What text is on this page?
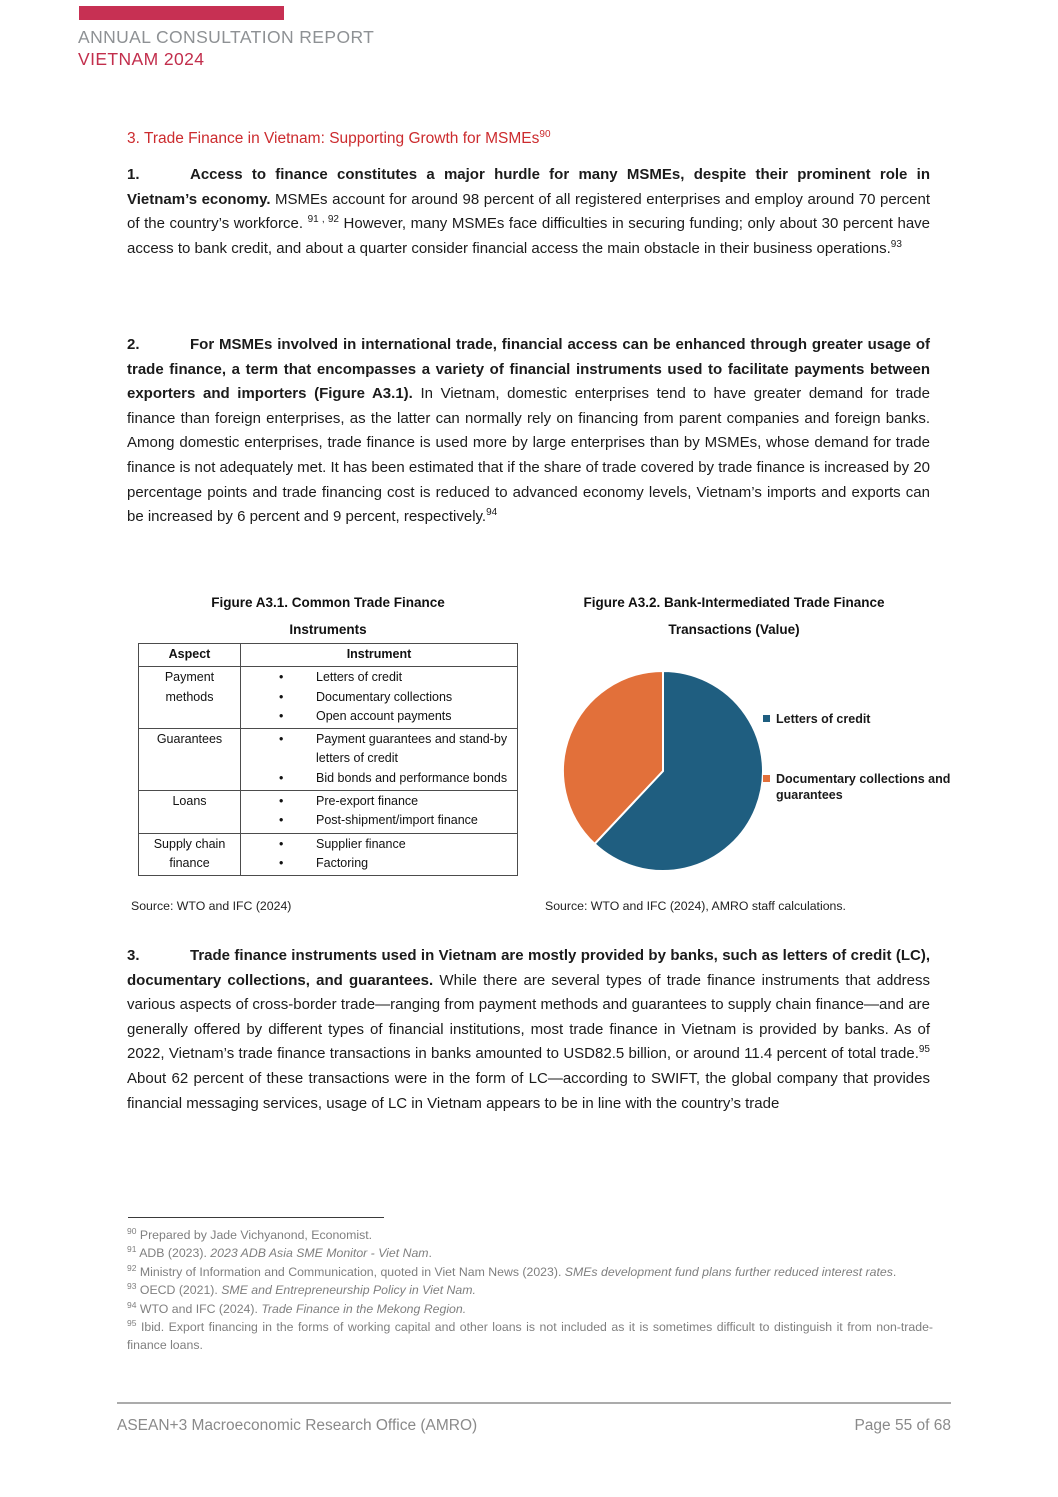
ANNUAL CONSULTATION REPORT
VIETNAM 2024
3. Trade Finance in Vietnam: Supporting Growth for MSMEs$^{90}$
1.	Access to finance constitutes a major hurdle for many MSMEs, despite their prominent role in Vietnam’s economy. MSMEs account for around 98 percent of all registered enterprises and employ around 70 percent of the country’s workforce. $^{91 , 92}$ However, many MSMEs face difficulties in securing funding; only about 30 percent have access to bank credit, and about a quarter consider financial access the main obstacle in their business operations.$^{93}$
2.	For MSMEs involved in international trade, financial access can be enhanced through greater usage of trade finance, a term that encompasses a variety of financial instruments used to facilitate payments between exporters and importers (Figure A3.1). In Vietnam, domestic enterprises tend to have greater demand for trade finance than foreign enterprises, as the latter can normally rely on financing from parent companies and foreign banks. Among domestic enterprises, trade finance is used more by large enterprises than by MSMEs, whose demand for trade finance is not adequately met. It has been estimated that if the share of trade covered by trade finance is increased by 20 percentage points and trade financing cost is reduced to advanced economy levels, Vietnam’s imports and exports can be increased by 6 percent and 9 percent, respectively.$^{94}$
3.	Trade finance instruments used in Vietnam are mostly provided by banks, such as letters of credit (LC), documentary collections, and guarantees. While there are several types of trade finance instruments that address various aspects of cross-border trade—ranging from payment methods and guarantees to supply chain finance—and are generally offered by different types of financial institutions, most trade finance in Vietnam is provided by banks. As of 2022, Vietnam’s trade finance transactions in banks amounted to USD82.5 billion, or around 11.4 percent of total trade.$^{95}$ About 62 percent of these transactions were in the form of LC—according to SWIFT, the global company that provides financial messaging services, usage of LC in Vietnam appears to be in line with the country’s trade
Figure A3.1. Common Trade Finance
Instruments
Aspect	Instrument
Payment methods	• Letters of credit
• Documentary collections
• Open account payments

Guarantees	• Payment guarantees and stand-by letters of credit
• Bid bonds and performance bonds

Loans	• Pre-export finance
• Post-shipment/import finance

Supply chain finance	• Supplier finance
• Factoring
Source: WTO and IFC (2024)
Figure A3.2. Bank-Intermediated Trade Finance
Transactions (Value)
Letters of credit
Documentary collections and guarantees
Source: WTO and IFC (2024), AMRO staff calculations.
$^{90}$ Prepared by Jade Vichyanond, Economist.
$^{91}$ ADB (2023). 2023 ADB Asia SME Monitor - Viet Nam.
$^{92}$ Ministry of Information and Communication, quoted in Viet Nam News (2023). SMEs development fund plans further reduced interest rates.
$^{93}$ OECD (2021). SME and Entrepreneurship Policy in Viet Nam.
$^{94}$ WTO and IFC (2024). Trade Finance in the Mekong Region.
$^{95}$ Ibid. Export financing in the forms of working capital and other loans is not included as it is sometimes difficult to distinguish it from non-trade-finance loans.
ASEAN+3 Macroeconomic Research Office (AMRO)	Page 55 of 68
